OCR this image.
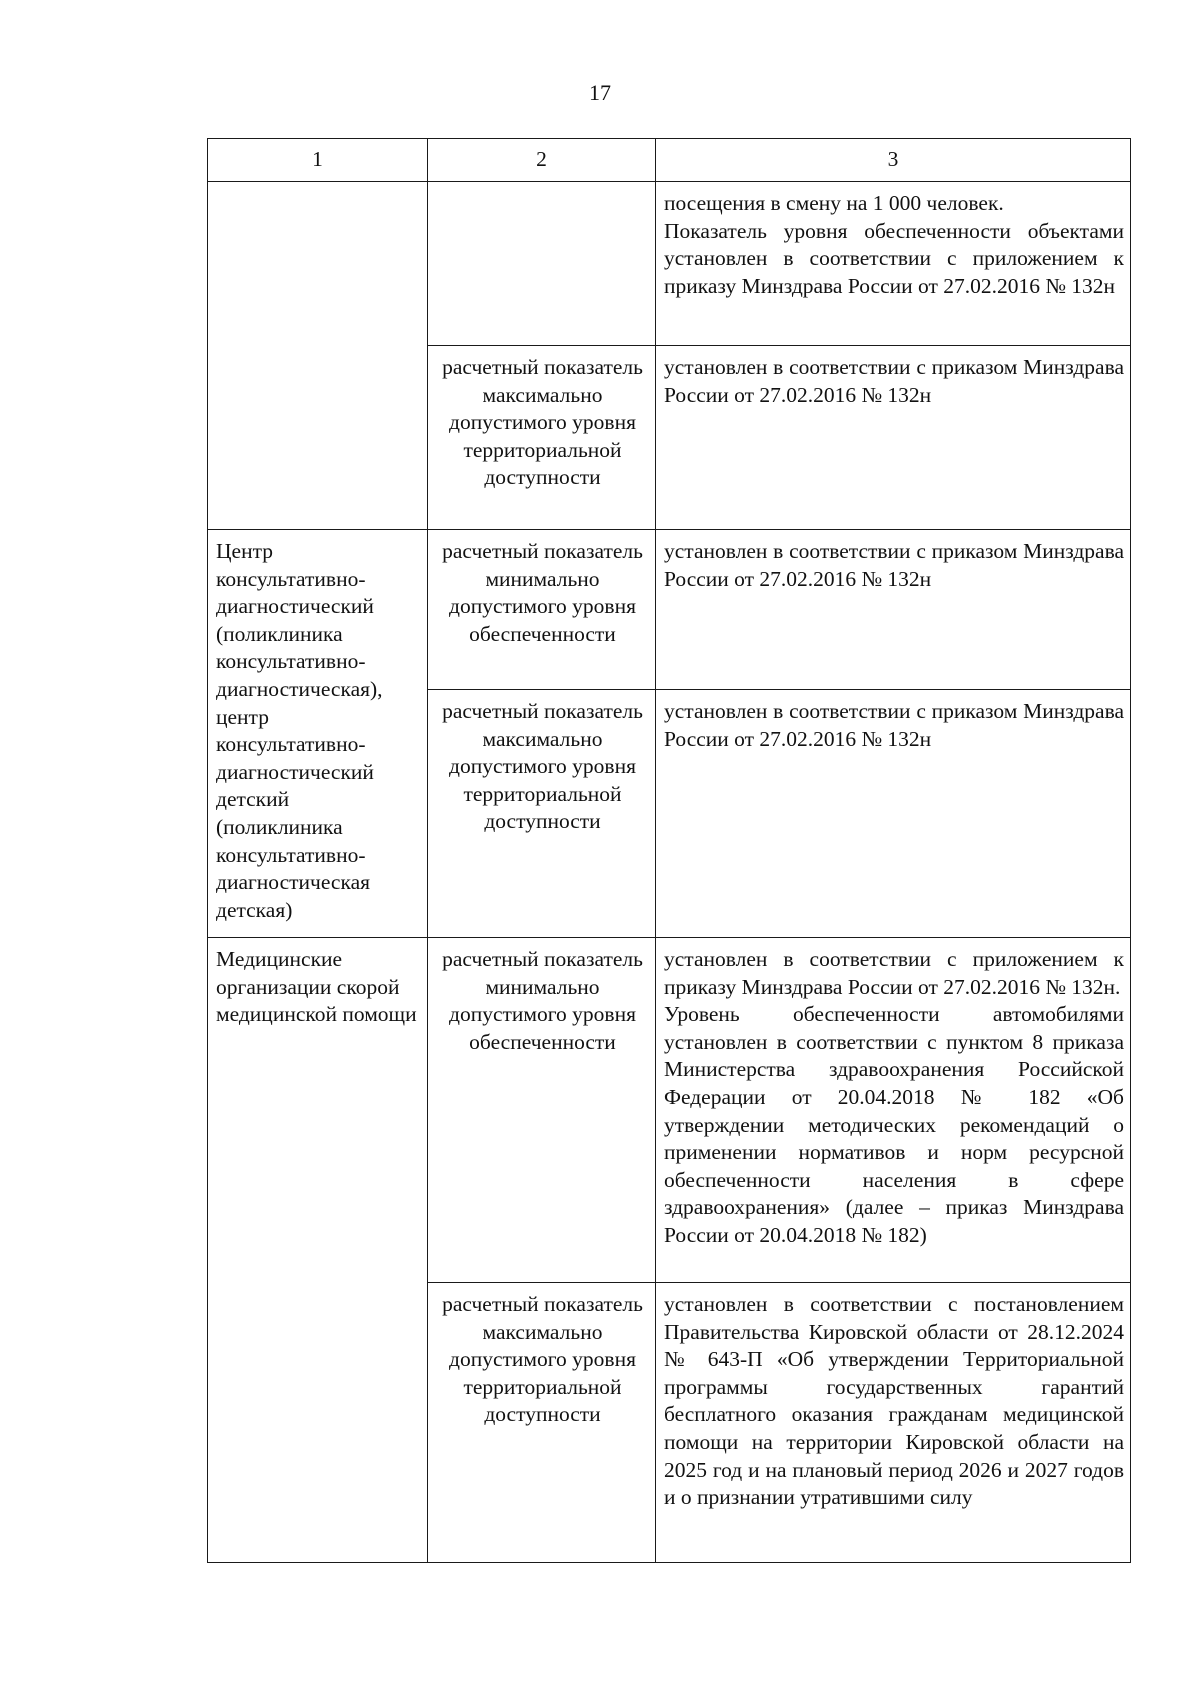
17
1	2	3

		посещения в смену на 1 000 человек.

Показатель уровня обеспеченности объектами установлен в соответствии с приложением к приказу Минздрава России от 27.02.2016 № 132н

	расчетный показатель максимально допустимого уровня территориальной доступности	установлен в соответствии с приказом Минздрава России от 27.02.2016 № 132н
Центр консультативно-диагностический (поликлиника консультативно-диагностическая), центр консультативно-диагностический детский (поликлиника консультативно-диагностическая детская)	расчетный показатель минимально допустимого уровня обеспеченности	установлен в соответствии с приказом Минздрава России от 27.02.2016 № 132н
	расчетный показатель максимально допустимого уровня территориальной доступности	установлен в соответствии с приказом Минздрава России от 27.02.2016 № 132н
Медицинские организации скорой медицинской помощи	расчетный показатель минимально допустимого уровня обеспеченности	установлен в соответствии с приложением к приказу Минздрава России от 27.02.2016 № 132н.

Уровень обеспеченности автомобилями установлен в соответствии с пунктом 8 приказа Министерства здравоохранения Российской Федерации от 20.04.2018 № 182 «Об утверждении методических рекомендаций о применении нормативов и норм ресурсной обеспеченности населения в сфере здравоохранения» (далее – приказ Минздрава России от 20.04.2018 № 182)

	расчетный показатель максимально допустимого уровня территориальной доступности	установлен в соответствии с постановлением Правительства Кировской области от 28.12.2024 № 643-П «Об утверждении Территориальной программы государственных гарантий бесплатного оказания гражданам медицинской помощи на территории Кировской области на 2025 год и на плановый период 2026 и 2027 годов и о признании утратившими силу
